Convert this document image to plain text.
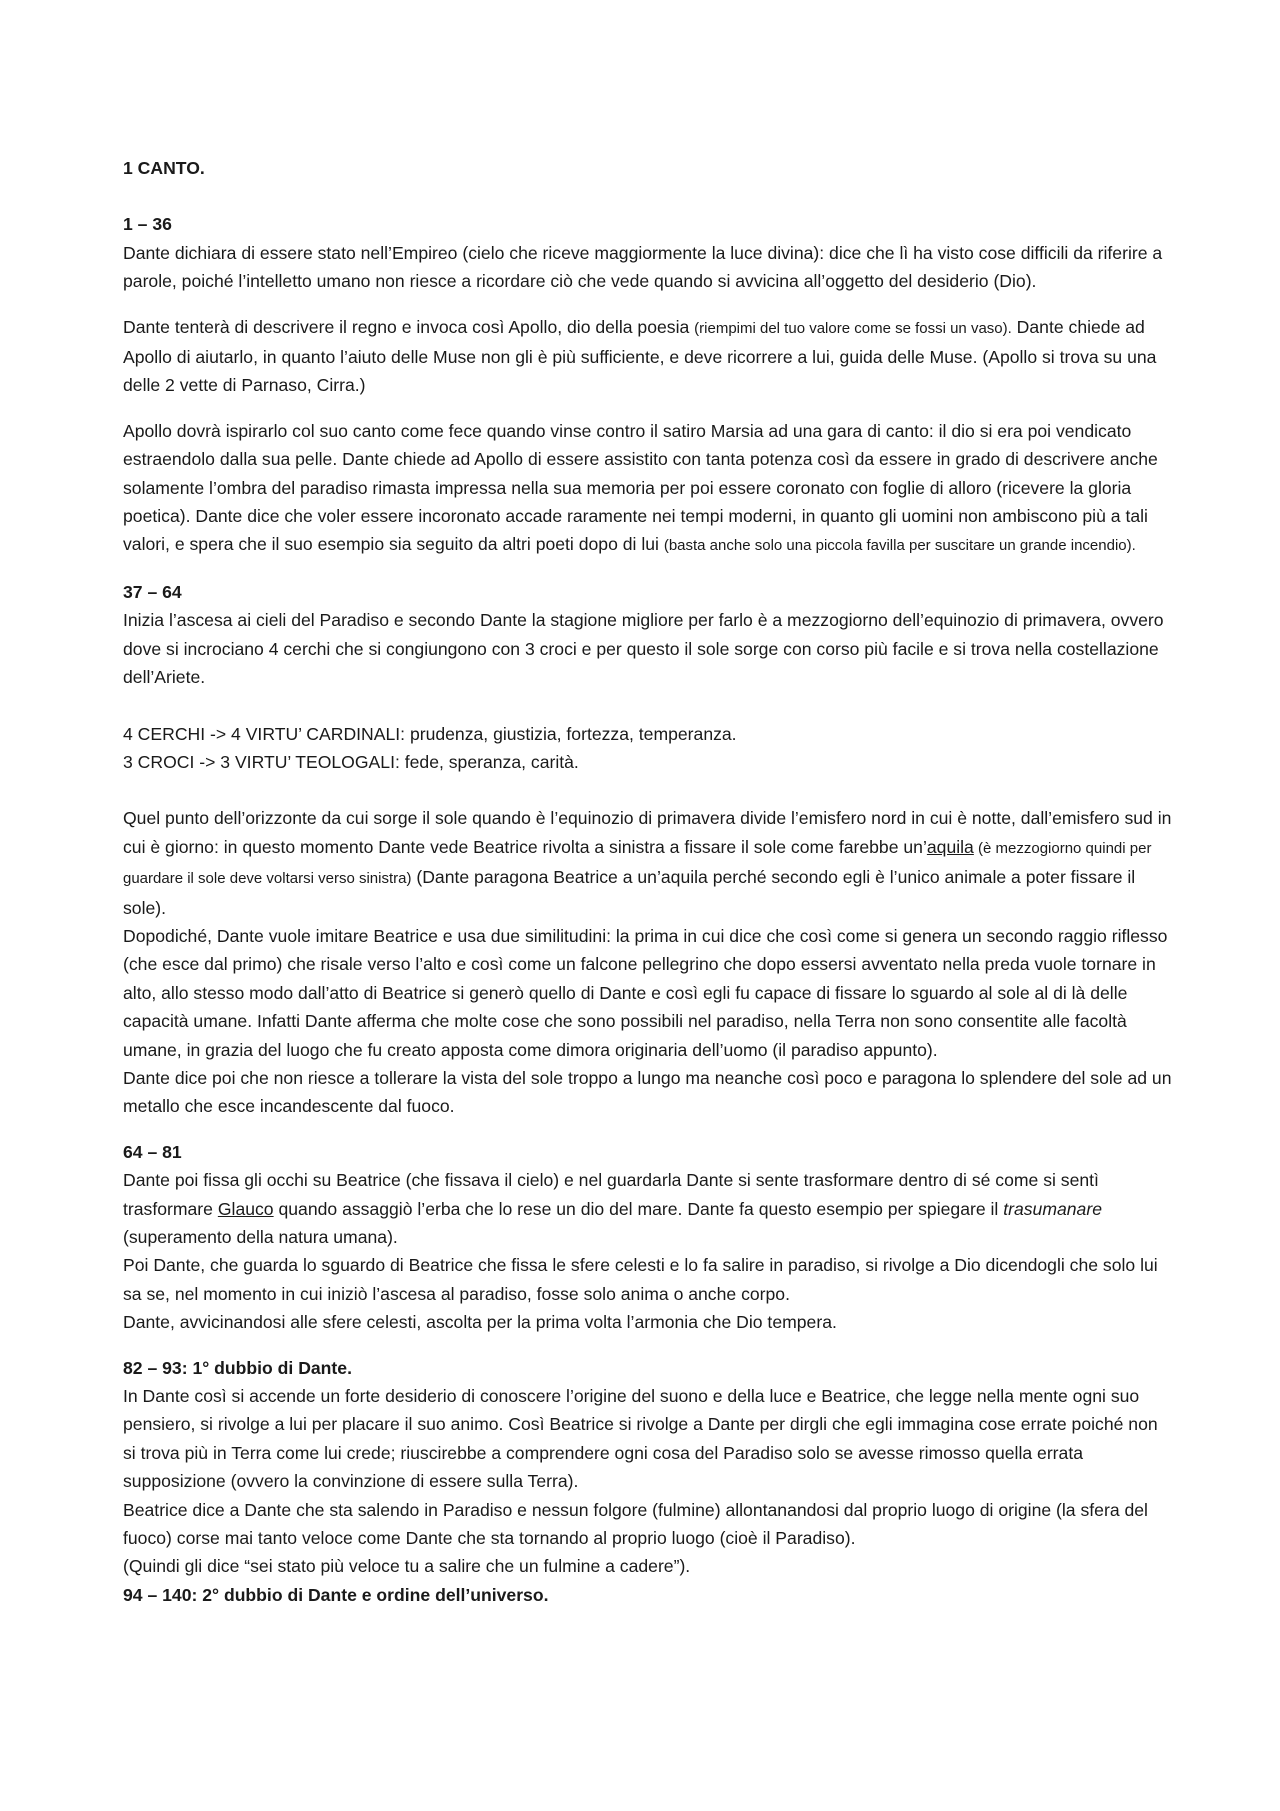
1 CANTO.

1 – 36

Dante dichiara di essere stato nell’Empireo (cielo che riceve maggiormente la luce divina): dice che lì ha visto cose difficili da riferire a parole, poiché l’intelletto umano non riesce a ricordare ciò che vede quando si avvicina all’oggetto del desiderio (Dio).

Dante tenterà di descrivere il regno e invoca così Apollo, dio della poesia (riempimi del tuo valore come se fossi un vaso). Dante chiede ad Apollo di aiutarlo, in quanto l’aiuto delle Muse non gli è più sufficiente, e deve ricorrere a lui, guida delle Muse. (Apollo si trova su una delle 2 vette di Parnaso, Cirra.)

Apollo dovrà ispirarlo col suo canto come fece quando vinse contro il satiro Marsia ad una gara di canto: il dio si era poi vendicato estraendolo dalla sua pelle. Dante chiede ad Apollo di essere assistito con tanta potenza così da essere in grado di descrivere anche solamente l’ombra del paradiso rimasta impressa nella sua memoria per poi essere coronato con foglie di alloro (ricevere la gloria poetica). Dante dice che voler essere incoronato accade raramente nei tempi moderni, in quanto gli uomini non ambiscono più a tali valori, e spera che il suo esempio sia seguito da altri poeti dopo di lui (basta anche solo una piccola favilla per suscitare un grande incendio).

37 – 64

Inizia l’ascesa ai cieli del Paradiso e secondo Dante la stagione migliore per farlo è a mezzogiorno dell’equinozio di primavera, ovvero dove si incrociano 4 cerchi che si congiungono con 3 croci e per questo il sole sorge con corso più facile e si trova nella costellazione dell’Ariete.

4 CERCHI -> 4 VIRTU’ CARDINALI: prudenza, giustizia, fortezza, temperanza.

3 CROCI -> 3 VIRTU’ TEOLOGALI: fede, speranza, carità.

Quel punto dell’orizzonte da cui sorge il sole quando è l’equinozio di primavera divide l’emisfero nord in cui è notte, dall’emisfero sud in cui è giorno: in questo momento Dante vede Beatrice rivolta a sinistra a fissare il sole come farebbe un’aquila (è mezzogiorno quindi per guardare il sole deve voltarsi verso sinistra) (Dante paragona Beatrice a un’aquila perché secondo egli è l’unico animale a poter fissare il sole).

Dopodiché, Dante vuole imitare Beatrice e usa due similitudini: la prima in cui dice che così come si genera un secondo raggio riflesso (che esce dal primo) che risale verso l’alto e così come un falcone pellegrino che dopo essersi avventato nella preda vuole tornare in alto, allo stesso modo dall’atto di Beatrice si generò quello di Dante e così egli fu capace di fissare lo sguardo al sole al di là delle capacità umane. Infatti Dante afferma che molte cose che sono possibili nel paradiso, nella Terra non sono consentite alle facoltà umane, in grazia del luogo che fu creato apposta come dimora originaria dell’uomo (il paradiso appunto).

Dante dice poi che non riesce a tollerare la vista del sole troppo a lungo ma neanche così poco e paragona lo splendere del sole ad un metallo che esce incandescente dal fuoco.

64 – 81

Dante poi fissa gli occhi su Beatrice (che fissava il cielo) e nel guardarla Dante si sente trasformare dentro di sé come si sentì trasformare Glauco quando assaggiò l’erba che lo rese un dio del mare. Dante fa questo esempio per spiegare il trasumanare (superamento della natura umana).

Poi Dante, che guarda lo sguardo di Beatrice che fissa le sfere celesti e lo fa salire in paradiso, si rivolge a Dio dicendogli che solo lui sa se, nel momento in cui iniziò l’ascesa al paradiso, fosse solo anima o anche corpo.

Dante, avvicinandosi alle sfere celesti, ascolta per la prima volta l’armonia che Dio tempera.

82 – 93: 1° dubbio di Dante.

In Dante così si accende un forte desiderio di conoscere l’origine del suono e della luce e Beatrice, che legge nella mente ogni suo pensiero, si rivolge a lui per placare il suo animo. Così Beatrice si rivolge a Dante per dirgli che egli immagina cose errate poiché non si trova più in Terra come lui crede; riuscirebbe a comprendere ogni cosa del Paradiso solo se avesse rimosso quella errata supposizione (ovvero la convinzione di essere sulla Terra).

Beatrice dice a Dante che sta salendo in Paradiso e nessun folgore (fulmine) allontanandosi dal proprio luogo di origine (la sfera del fuoco) corse mai tanto veloce come Dante che sta tornando al proprio luogo (cioè il Paradiso).

(Quindi gli dice “sei stato più veloce tu a salire che un fulmine a cadere”).

94 – 140: 2° dubbio di Dante e ordine dell’universo.
